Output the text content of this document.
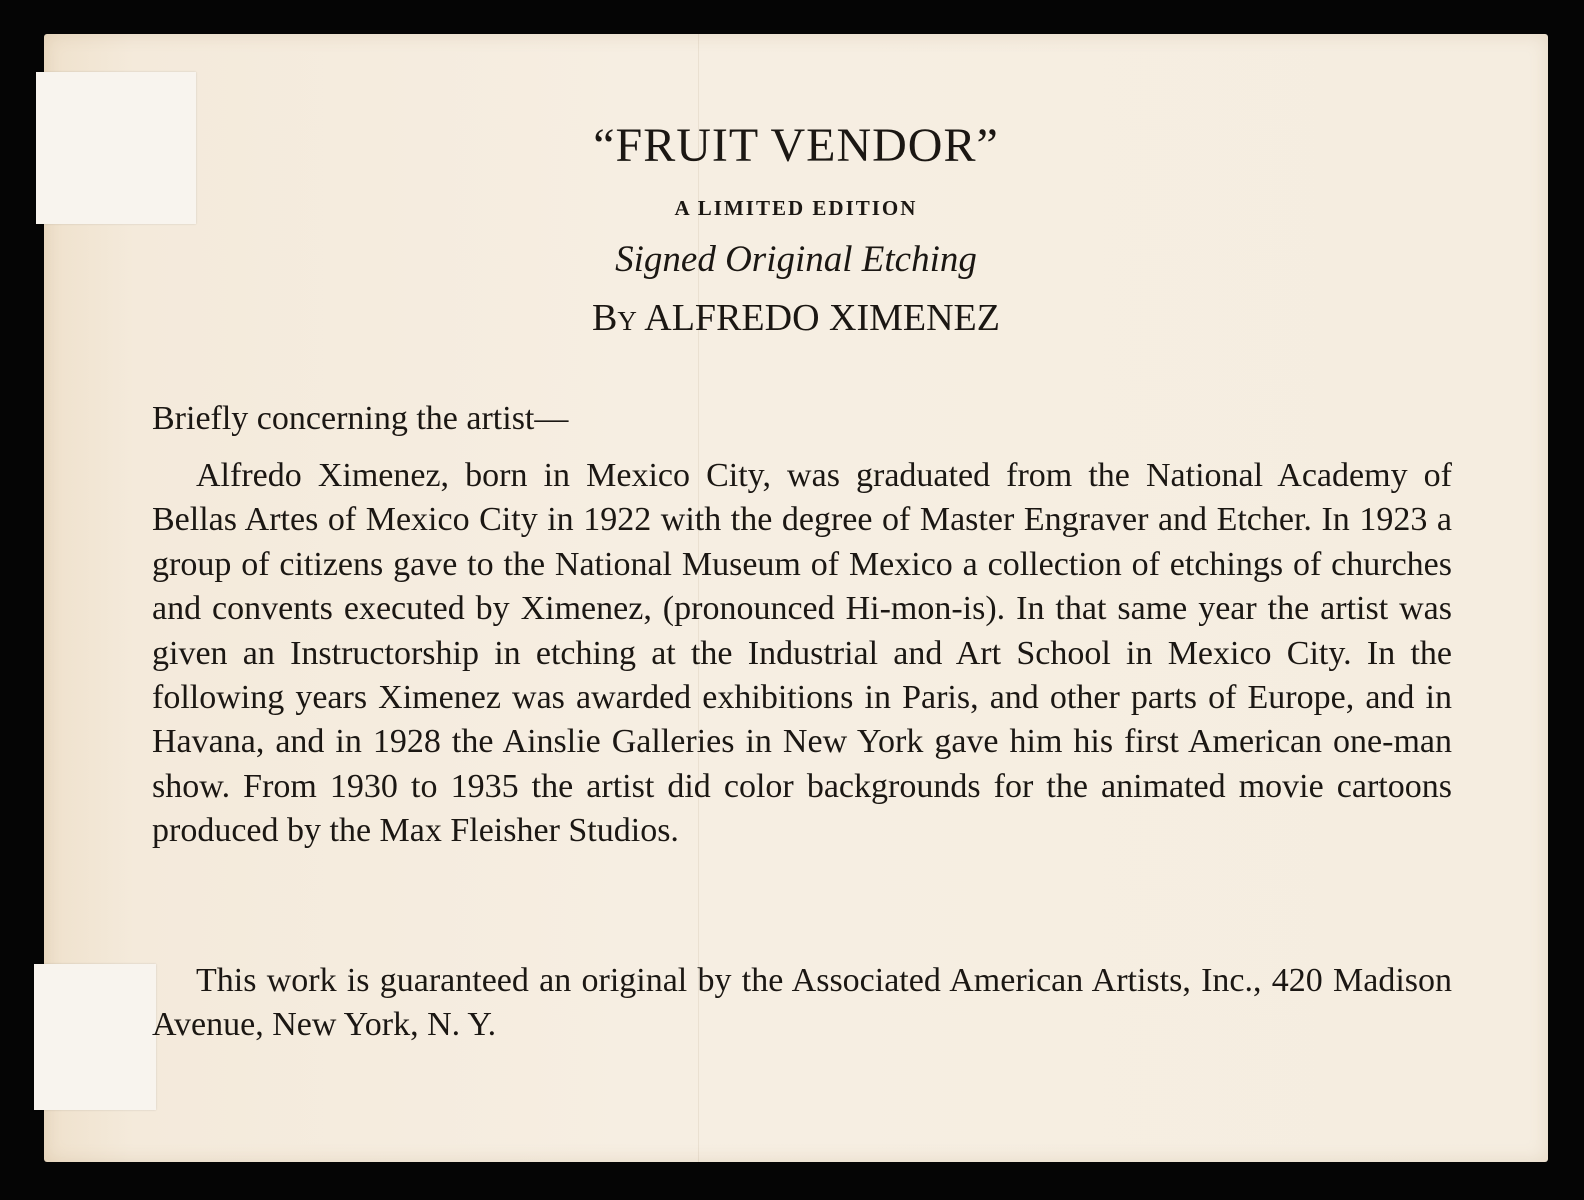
“FRUIT VENDOR”
A LIMITED EDITION
Signed Original Etching
By ALFREDO XIMENEZ
Briefly concerning the artist—
Alfredo Ximenez, born in Mexico City, was graduated from the National Academy of Bellas Artes of Mexico City in 1922 with the degree of Master Engraver and Etcher. In 1923 a group of citizens gave to the National Museum of Mexico a collection of etchings of churches and convents executed by Ximenez, (pronounced Hi-mon-is). In that same year the artist was given an Instructorship in etching at the Industrial and Art School in Mexico City. In the following years Ximenez was awarded exhibitions in Paris, and other parts of Europe, and in Havana, and in 1928 the Ainslie Galleries in New York gave him his first American one-man show. From 1930 to 1935 the artist did color backgrounds for the animated movie cartoons produced by the Max Fleisher Studios.
This work is guaranteed an original by the Associated American Artists, Inc., 420 Madison Avenue, New York, N. Y.
